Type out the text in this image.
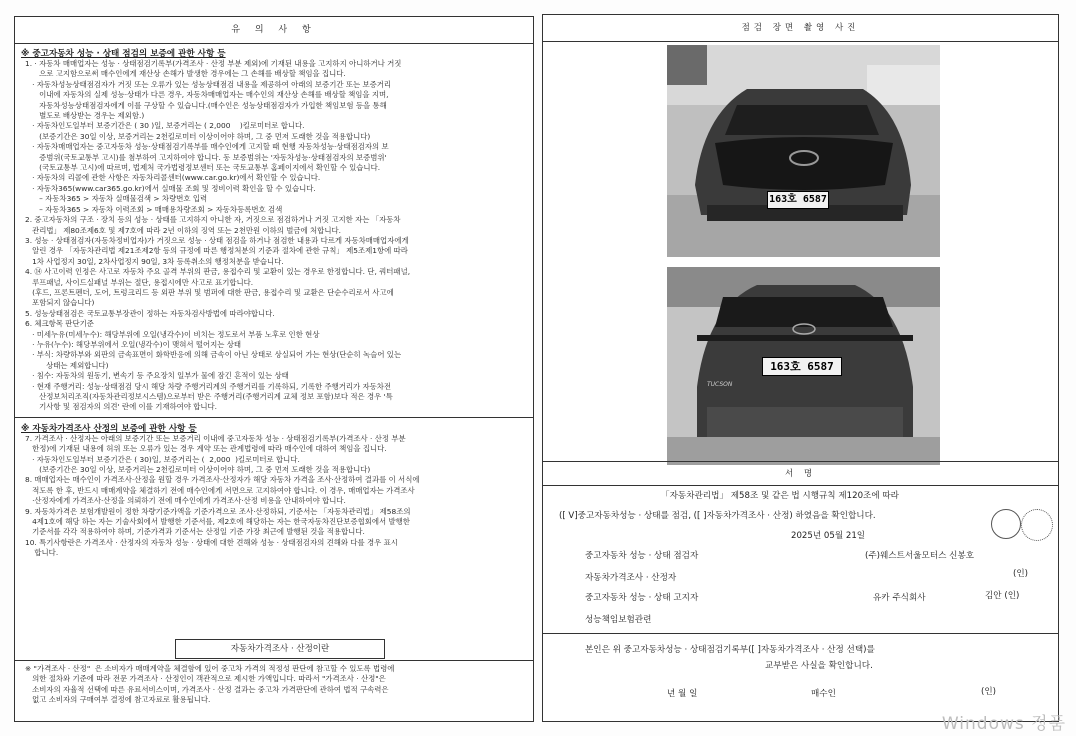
유 의 사 항
※ 중고자동차 성능 · 상태 점검의 보증에 관한 사항 등
1. · 자동차 매매업자는 성능 · 상태점검기록부(가격조사 · 산정 부분 제외)에 기재된 내용을 고지하지 아니하거나 거짓
으로 고지함으로써 매수인에게 재산상 손해가 발생한 경우에는 그 손해를 배상할 책임을 집니다.
· 자동차성능상태점검자가 거짓 또는 오류가 있는 성능상태점검 내용을 제공하여 아래의 보증기간 또는 보증거리
이내에 자동차의 실제 성능·상태가 다른 경우, 자동차매매업자는 매수인의 재산상 손해를 배상할 책임을 지며,
자동차성능상태점검자에게 이를 구상할 수 있습니다.(매수인은 성능상태점검자가 가입한 책임보험 등을 통해
별도로 배상받는 경우는 제외함.)
· 자동차인도일부터 보증기간은 ( 30 )일, 보증거리는 ( 2,000    )킬로미터로 합니다.
(보증기간은 30일 이상, 보증거리는 2천킬로미터 이상이어야 하며, 그 중 먼저 도래한 것을 적용합니다)
· 자동차매매업자는 중고자동차 성능·상태점검기록부를 매수인에게 고지할 때 현행 자동차성능·상태점검자의 보
증범위(국토교통부 고시)를 첨부하여 고지하여야 합니다. 동 보증범위는 '자동차성능·상태점검자의 보증범위'
(국토교통부 고시)에 따르며, 법제처 국가법령정보센터 또는 국토교통부 홈페이지에서 확인할 수 있습니다.
· 자동차의 리콜에 관한 사항은 자동차리콜센터(www.car.go.kr)에서 확인할 수 있습니다.
· 자동차365(www.car365.go.kr)에서 실매물 조회 및 정비이력 확인을 할 수 있습니다.
– 자동차365 > 자동차 실매물검색 > 차량번호 입력
– 자동차365 > 자동차 이력조회 > 매매용차량조회 > 자동차등록번호 검색
2. 중고자동차의 구조 · 장치 등의 성능 · 상태를 고지하지 아니한 자, 거짓으로 점검하거나 거짓 고지한 자는 「자동차
관리법」 제80조제6호 및 제7호에 따라 2년 이하의 징역 또는 2천만원 이하의 벌금에 처합니다.
3. 성능 · 상태점검자(자동차정비업자)가 거짓으로 성능 · 상태 점검을 하거나 점검한 내용과 다르게 자동차매매업자에게
알린 경우 「자동차관리법 제21조제2항 등의 규정에 따른 행정처분의 기준과 절차에 관한 규칙」 제5조제1항에 따라
1차 사업정지 30일, 2차사업정지 90일, 3차 등록취소의 행정처분을 받습니다.
4. ⑭ 사고이력 인정은 사고로 자동차 주요 골격 부위의 판금, 용접수리 및 교환이 있는 경우로 한정합니다. 단, 쿼터패널,
루프패널, 사이드실패널 부위는 절단, 용접시에만 사고로 표기합니다.
(후드, 프론트펜더, 도어, 트렁크리드 등 외판 부위 및 범퍼에 대한 판금, 용접수리 및 교환은 단순수리로서 사고에
포함되지 않습니다)
5. 성능상태점검은 국토교통부장관이 정하는 자동차검사방법에 따라야합니다.
6. 체크항목 판단기준
· 미세누유(미세누수): 해당부위에 오일(냉각수)이 비치는 정도로서 부품 노후로 인한 현상
· 누유(누수): 해당부위에서 오일(냉각수)이 맺혀서 떨어지는 상태
· 부식: 차량하부와 외판의 금속표면이 화학반응에 의해 금속이 아닌 상태로 상실되어 가는 현상(단순히 녹슬어 있는
상태는 제외합니다)
· 침수: 자동차의 원동기, 변속기 등 주요장치 일부가 물에 잠긴 흔적이 있는 상태
· 현재 주행거리: 성능·상태점검 당시 해당 차량 주행거리계의 주행거리를 기록하되, 기록한 주행거리가 자동차전
산정보처리조직(자동차관리정보시스템)으로부터 받은 주행거리(주행거리계 교체 정보 포함)보다 적은 경우 '특
기사항 및 점검자의 의견' 란에 이를 기재하여야 합니다.
※ 자동차가격조사 산정의 보증에 관한 사항 등
7. 가격조사 · 산정자는 아래의 보증기간 또는 보증거리 이내에 중고자동차 성능 · 상태점검기록부(가격조사 · 산정 부분
한정)에 기재된 내용에 허위 또는 오류가 있는 경우 계약 또는 관계법령에 따라 매수인에 대하여 책임을 집니다.
· 자동차인도일부터 보증기간은 ( 30)일, 보증거리는 (  2,000  )킬로미터로 합니다.
(보증기간은 30일 이상, 보증거리는 2천킬로미터 이상이어야 하며, 그 중 먼저 도래한 것을 적용합니다)
8. 매매업자는 매수인이 가격조사·산정을 원할 경우 가격조사·산정자가 해당 자동차 가격을 조사·산정하여 결과를 이 서식에
적도록 한 후, 반드시 매매계약을 체결하기 전에 매수인에게 서면으로 고지하여야 합니다. 이 경우, 매매업자는 가격조사
·산정자에게 가격조사·산정을 의뢰하기 전에 매수인에게 가격조사·산정 비용을 안내하여야 합니다.
9. 자동차가격은 보험개발원이 정한 차량기준가액을 기준가격으로 조사·산정하되, 기준서는 「자동차관리법」 제58조의
4제1호에 해당 하는 자는 기술사회에서 발행한 기준서를, 제2호에 해당하는 자는 한국자동차진단보증협회에서 발행한
기준서를 각각 적용하여야 하며, 기준가격과 기준서는 산정일 기준 가장 최근에 발행된 것을 적용합니다.
10. 특기사항란은 가격조사 · 산정자의 자동차 성능 · 상태에 대한 견해와 성능 · 상태점검자의 견해와 다를 경우 표시
합니다.
자동차가격조사 · 산정이란
※ "가격조사 · 산정"  은 소비자가 매매계약을 체결함에 있어 중고차 가격의 적정성 판단에 참고할 수 있도록 법령에
의한 절차와 기준에 따라 전문 가격조사 · 산정인이 객관적으로 제시한 가액입니다. 따라서 "가격조사 · 산정"은
소비자의 자율적 선택에 따른 유료서비스이며, 가격조사 · 산정 결과는 중고차 가격판단에 관하여 법적 구속력은
없고 소비자의 구매여부 결정에 참고자료로 활용됩니다.
점검 장면 촬영 사진
163호 6587
163호 6587
TUCSON
서 명
「자동차관리법」 제58조 및 같은 법 시행규칙 제120조에 따라
([ V]중고자동차성능 · 상태를 점검, ([ ]자동차가격조사 · 산정) 하였음을 확인합니다.
2025년 05월 21일
중고자동차 성능 · 상태 점검자	(주)웨스트서울모터스 신봉호
자동차가격조사 · 산정자	(인)
중고자동차 성능 · 상태 고지자	유카 주식회사	김안 (인)
성능책임보험관련
본인은 위 중고자동차성능 · 상태점검기록부([ ]자동차가격조사 · 산정 선택)를
교부받은 사실을 확인합니다.
년 월 일	매수인	(인)
Windows 정품
